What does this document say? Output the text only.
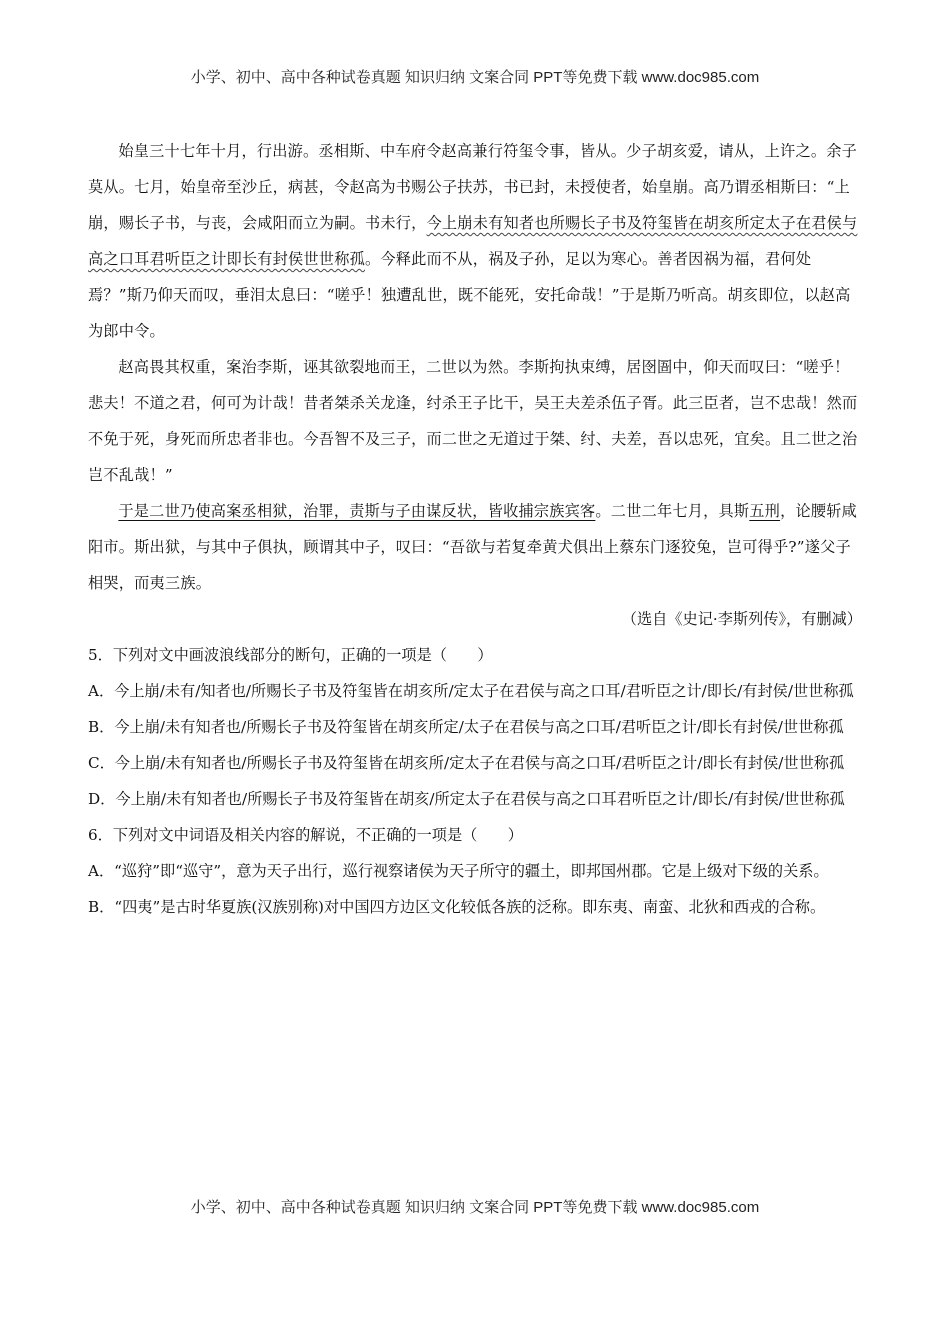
小学、初中、高中各种试卷真题 知识归纳 文案合同 PPT等免费下载 www.doc985.com

始皇三十七年十月，行出游。丞相斯、中车府令赵高兼行符玺令事，皆从。少子胡亥爱，请从，上许之。余子莫从。七月，始皇帝至沙丘，病甚，令赵高为书赐公子扶苏，书已封，未授使者，始皇崩。高乃谓丞相斯曰：“上崩，赐长子书，与丧，会咸阳而立为嗣。书未行，今上崩未有知者也所赐长子书及符玺皆在胡亥所定太子在君侯与高之口耳君听臣之计即长有封侯世世称孤。今释此而不从，祸及子孙，足以为寒心。善者因祸为福，君何处焉？”斯乃仰天而叹，垂泪太息曰：“嗟乎！独遭乱世，既不能死，安托命哉！”于是斯乃听高。胡亥即位，以赵高为郎中令。

赵高畏其权重，案治李斯，诬其欲裂地而王，二世以为然。李斯拘执束缚，居囹圄中，仰天而叹曰：“嗟乎！悲夫！不道之君，何可为计哉！昔者桀杀关龙逢，纣杀王子比干，吴王夫差杀伍子胥。此三臣者，岂不忠哉！然而不免于死，身死而所忠者非也。今吾智不及三子，而二世之无道过于桀、纣、夫差，吾以忠死，宜矣。且二世之治岂不乱哉！”

于是二世乃使高案丞相狱，治罪，责斯与子由谋反状，皆收捕宗族宾客。二世二年七月，具斯五刑，论腰斩咸阳市。斯出狱，与其中子俱执，顾谓其中子，叹曰：“吾欲与若复牵黄犬俱出上蔡东门逐狡兔，岂可得乎?”遂父子相哭，而夷三族。

（选自《史记·李斯列传》，有删减）

5．下列对文中画波浪线部分的断句，正确的一项是（　　）

A．今上崩/未有/知者也/所赐长子书及符玺皆在胡亥所/定太子在君侯与高之口耳/君听臣之计/即长/有封侯/世世称孤

B．今上崩/未有知者也/所赐长子书及符玺皆在胡亥所定/太子在君侯与高之口耳/君听臣之计/即长有封侯/世世称孤

C．今上崩/未有知者也/所赐长子书及符玺皆在胡亥所/定太子在君侯与高之口耳/君听臣之计/即长有封侯/世世称孤

D．今上崩/未有知者也/所赐长子书及符玺皆在胡亥/所定太子在君侯与高之口耳君听臣之计/即长/有封侯/世世称孤

6．下列对文中词语及相关内容的解说，不正确的一项是（　　）

A．“巡狩”即“巡守”，意为天子出行，巡行视察诸侯为天子所守的疆土，即邦国州郡。它是上级对下级的关系。

B．“四夷”是古时华夏族(汉族别称)对中国四方边区文化较低各族的泛称。即东夷、南蛮、北狄和西戎的合称。

小学、初中、高中各种试卷真题 知识归纳 文案合同 PPT等免费下载 www.doc985.com
